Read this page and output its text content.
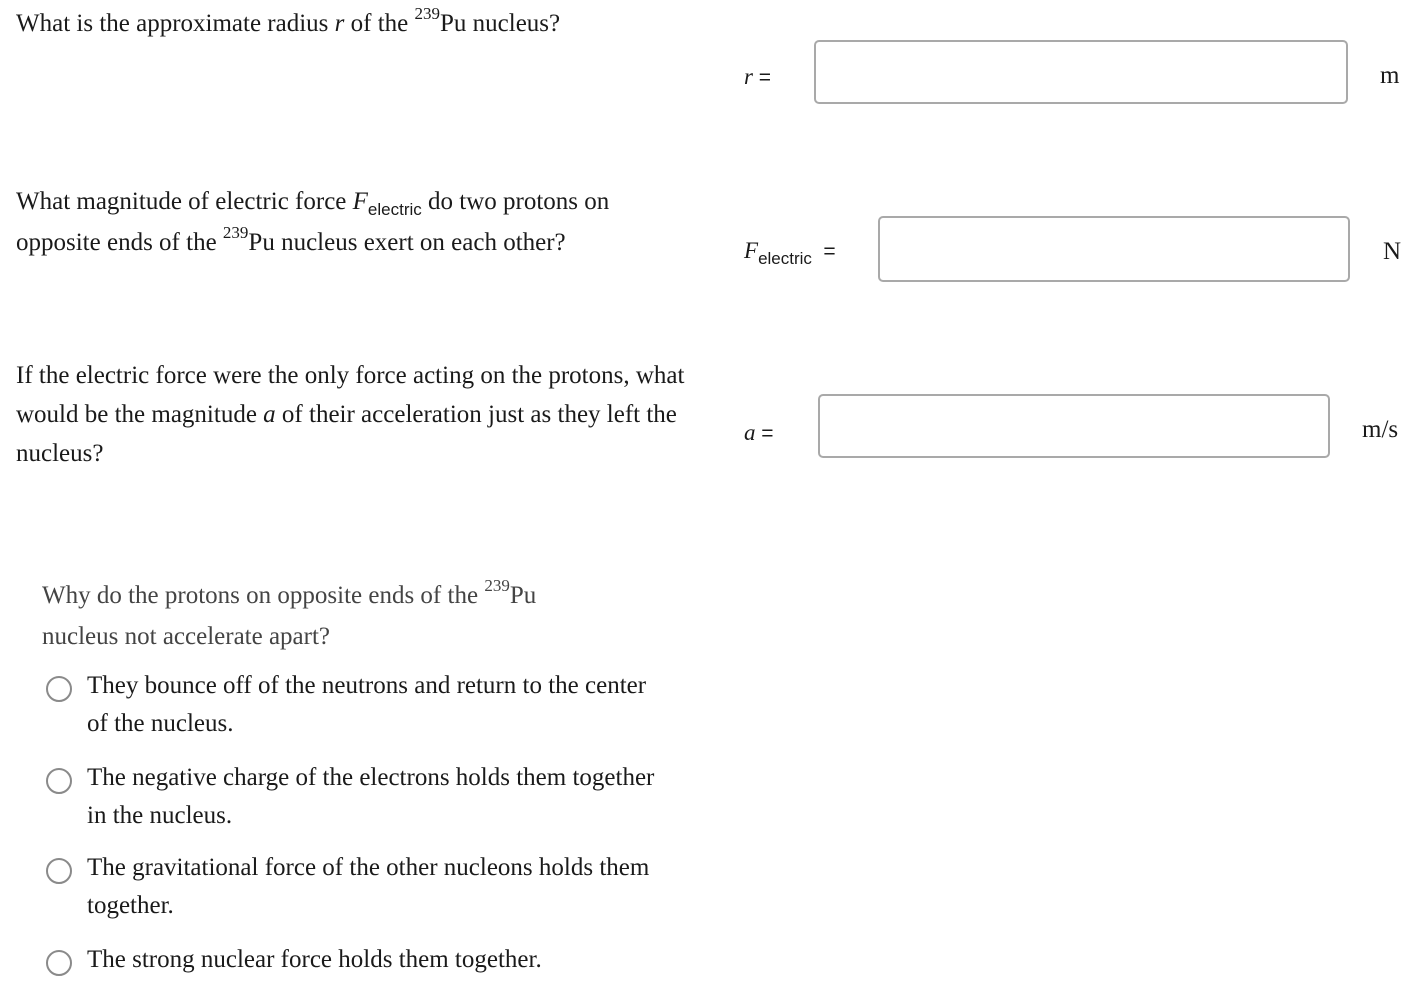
What is the approximate radius r of the $^{239}$Pu nucleus?
r =	m
What magnitude of electric force $F_{electric}$ do two protons on opposite ends of the $^{239}$Pu nucleus exert on each other?	$F_{electric}$ =	N
If the electric force were the only force acting on the protons, what would be the magnitude a of their acceleration just as they left the nucleus?
a =	m/s
Why do the protons on opposite ends of the $^{239}$Pu nucleus not accelerate apart?
They bounce off of the neutrons and return to the center of the nucleus.
The negative charge of the electrons holds them together in the nucleus.
The gravitational force of the other nucleons holds them together.
The strong nuclear force holds them together.
